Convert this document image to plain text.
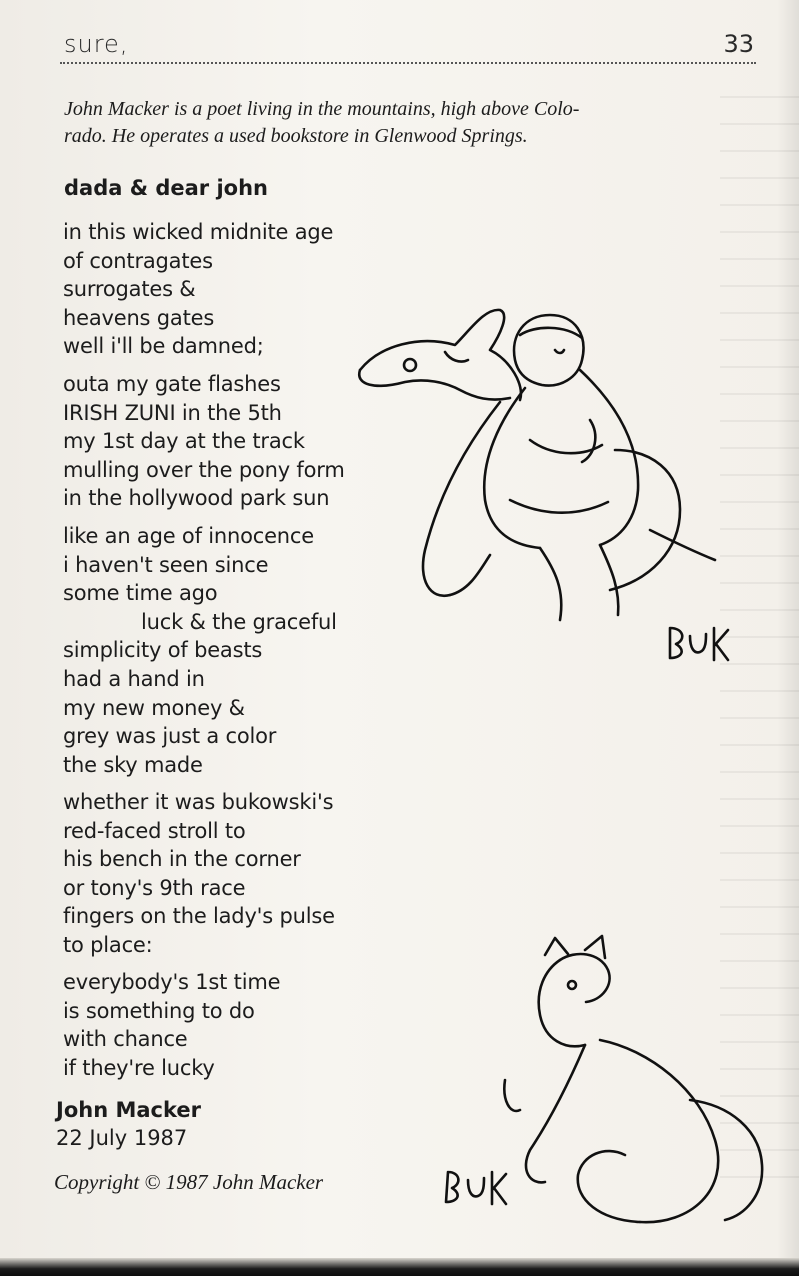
sure,	33
John Macker is a poet living in the mountains, high above Colo-
rado. He operates a used bookstore in Glenwood Springs.
dada & dear john
in this wicked midnite age
of contragates
surrogates &
heavens gates
well i'll be damned;
outa my gate flashes
IRISH ZUNI in the 5th
my 1st day at the track
mulling over the pony form
in the hollywood park sun
like an age of innocence
i haven't seen since
some time ago
luck & the graceful
simplicity of beasts
had a hand in
my new money &
grey was just a color
the sky made
whether it was bukowski's
red-faced stroll to
his bench in the corner
or tony's 9th race
fingers on the lady's pulse
to place:
everybody's 1st time
is something to do
with chance
if they're lucky
John Macker
22 July 1987
Copyright © 1987 John Macker
